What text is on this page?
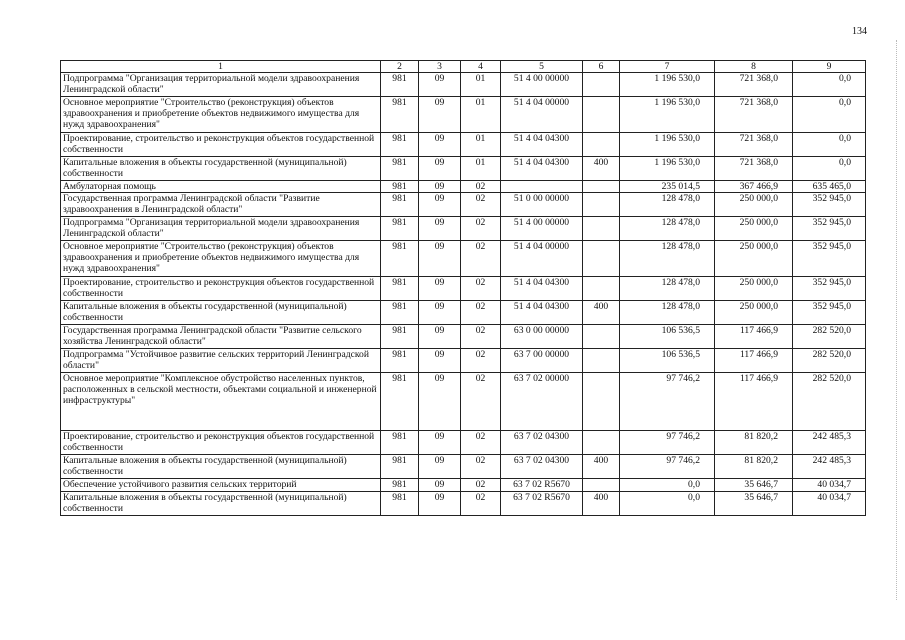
134
1	2	3	4	5	6	7	8	9
Подпрограмма "Организация территориальной модели здравоохранения Ленинградской области"	981	09	01	51 4 00 00000		1 196 530,0	721 368,0	0,0
Основное мероприятие "Строительство (реконструкция) объектов здравоохранения и приобретение объектов недвижимого имущества для нужд здравоохранения"	981	09	01	51 4 04 00000		1 196 530,0	721 368,0	0,0
Проектирование, строительство и реконструкция объектов государственной собственности	981	09	01	51 4 04 04300		1 196 530,0	721 368,0	0,0
Капитальные вложения в объекты государственной (муниципальной) собственности	981	09	01	51 4 04 04300	400	1 196 530,0	721 368,0	0,0
Амбулаторная помощь	981	09	02			235 014,5	367 466,9	635 465,0
Государственная программа Ленинградской области "Развитие здравоохранения в Ленинградской области"	981	09	02	51 0 00 00000		128 478,0	250 000,0	352 945,0
Подпрограмма "Организация территориальной модели здравоохранения Ленинградской области"	981	09	02	51 4 00 00000		128 478,0	250 000,0	352 945,0
Основное мероприятие "Строительство (реконструкция) объектов здравоохранения и приобретение объектов недвижимого имущества для нужд здравоохранения"	981	09	02	51 4 04 00000		128 478,0	250 000,0	352 945,0
Проектирование, строительство и реконструкция объектов государственной собственности	981	09	02	51 4 04 04300		128 478,0	250 000,0	352 945,0
Капитальные вложения в объекты государственной (муниципальной) собственности	981	09	02	51 4 04 04300	400	128 478,0	250 000,0	352 945,0
Государственная программа Ленинградской области "Развитие сельского хозяйства Ленинградской области"	981	09	02	63 0 00 00000		106 536,5	117 466,9	282 520,0
Подпрограмма "Устойчивое развитие сельских территорий Ленинградской области"	981	09	02	63 7 00 00000		106 536,5	117 466,9	282 520,0
Основное мероприятие "Комплексное обустройство населенных пунктов, расположенных в сельской местности, объектами социальной и инженерной инфраструктуры"	981	09	02	63 7 02 00000		97 746,2	117 466,9	282 520,0
Проектирование, строительство и реконструкция объектов государственной собственности	981	09	02	63 7 02 04300		97 746,2	81 820,2	242 485,3
Капитальные вложения в объекты государственной (муниципальной) собственности	981	09	02	63 7 02 04300	400	97 746,2	81 820,2	242 485,3
Обеспечение устойчивого развития сельских территорий	981	09	02	63 7 02 R5670		0,0	35 646,7	40 034,7
Капитальные вложения в объекты государственной (муниципальной) собственности	981	09	02	63 7 02 R5670	400	0,0	35 646,7	40 034,7
